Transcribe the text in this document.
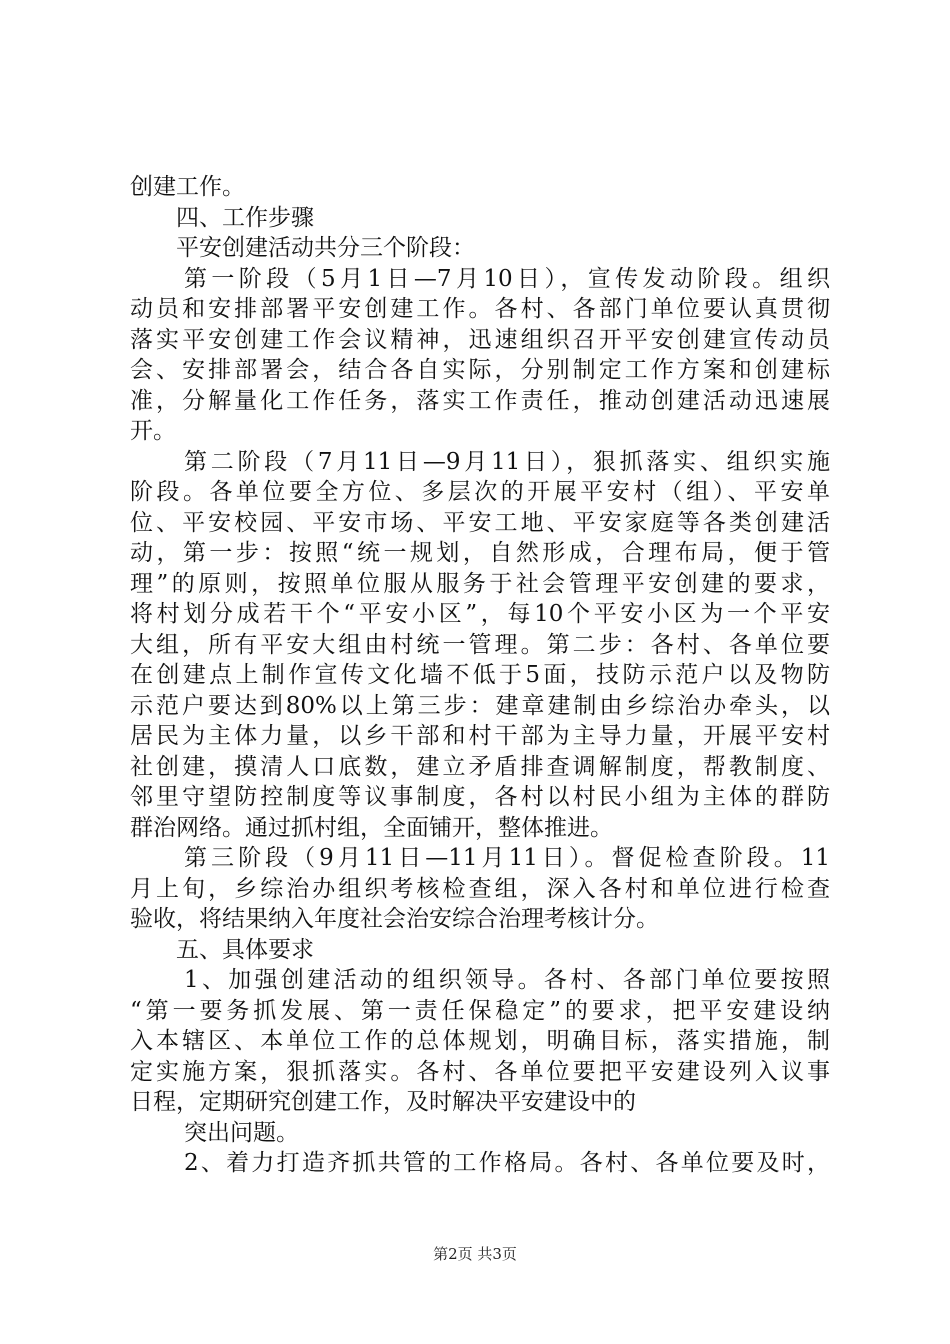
创建工作。
四、工作步骤
平安创建活动共分三个阶段：
第一阶段（5月1日—7月10日），宣传发动阶段。组织
动员和安排部署平安创建工作。各村、各部门单位要认真贯彻
落实平安创建工作会议精神，迅速组织召开平安创建宣传动员
会、安排部署会，结合各自实际，分别制定工作方案和创建标
准，分解量化工作任务，落实工作责任，推动创建活动迅速展
开。
第二阶段（7月11日—9月11日），狠抓落实、组织实施
阶段。各单位要全方位、多层次的开展平安村（组）、平安单
位、平安校园、平安市场、平安工地、平安家庭等各类创建活
动，第一步：按照“统一规划，自然形成，合理布局，便于管
理”的原则，按照单位服从服务于社会管理平安创建的要求，
将村划分成若干个“平安小区”，每10个平安小区为一个平安
大组，所有平安大组由村统一管理。第二步：各村、各单位要
在创建点上制作宣传文化墙不低于5面，技防示范户以及物防
示范户要达到80%以上第三步：建章建制由乡综治办牵头，以
居民为主体力量，以乡干部和村干部为主导力量，开展平安村
社创建，摸清人口底数，建立矛盾排查调解制度，帮教制度、
邻里守望防控制度等议事制度，各村以村民小组为主体的群防
群治网络。通过抓村组，全面铺开，整体推进。
第三阶段（9月11日—11月11日）。督促检查阶段。11
月上旬，乡综治办组织考核检查组，深入各村和单位进行检查
验收，将结果纳入年度社会治安综合治理考核计分。
五、具体要求
1、加强创建活动的组织领导。各村、各部门单位要按照
“第一要务抓发展、第一责任保稳定”的要求，把平安建设纳
入本辖区、本单位工作的总体规划，明确目标，落实措施，制
定实施方案，狠抓落实。各村、各单位要把平安建设列入议事
日程，定期研究创建工作，及时解决平安建设中的
突出问题。
2、着力打造齐抓共管的工作格局。各村、各单位要及时，
第2页 共3页
